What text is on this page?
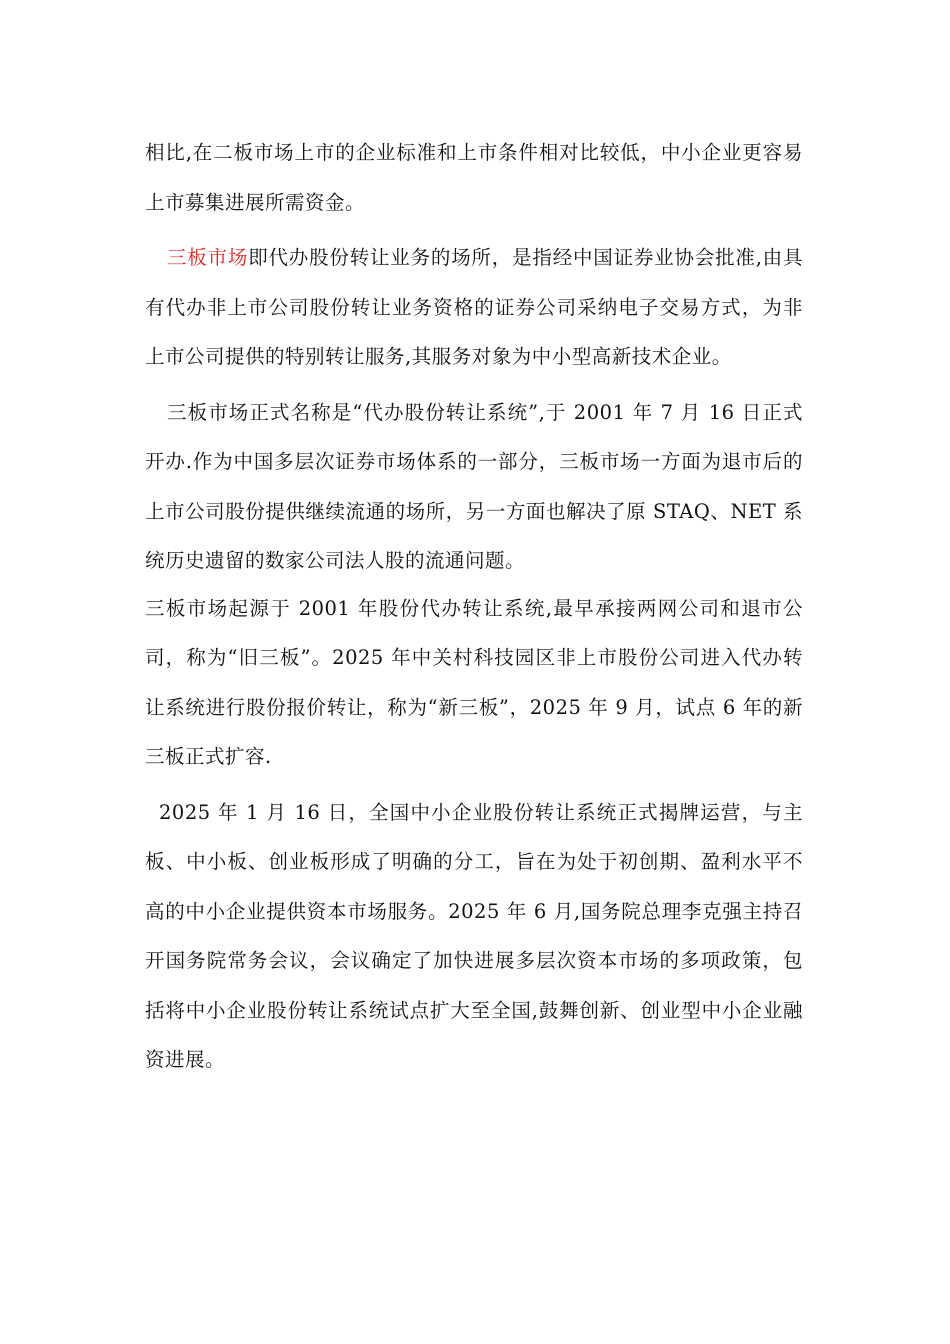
相比,在二板市场上市的企业标准和上市条件相对比较低，中小企业更容易上市募集进展所需资金。

三板市场即代办股份转让业务的场所，是指经中国证券业协会批准,由具有代办非上市公司股份转让业务资格的证券公司采纳电子交易方式，为非上市公司提供的特别转让服务,其服务对象为中小型高新技术企业。

三板市场正式名称是“代办股份转让系统”,于 2001 年 7 月 16 日正式开办.作为中国多层次证券市场体系的一部分，三板市场一方面为退市后的上市公司股份提供继续流通的场所，另一方面也解决了原 STAQ、NET 系统历史遗留的数家公司法人股的流通问题。

三板市场起源于 2001 年股份代办转让系统,最早承接两网公司和退市公司，称为“旧三板”。2025 年中关村科技园区非上市股份公司进入代办转让系统进行股份报价转让，称为“新三板”，2025 年 9 月，试点 6 年的新三板正式扩容.

2025 年 1 月 16 日，全国中小企业股份转让系统正式揭牌运营，与主板、中小板、创业板形成了明确的分工，旨在为处于初创期、盈利水平不高的中小企业提供资本市场服务。2025 年 6 月,国务院总理李克强主持召开国务院常务会议，会议确定了加快进展多层次资本市场的多项政策，包括将中小企业股份转让系统试点扩大至全国,鼓舞创新、创业型中小企业融资进展。
